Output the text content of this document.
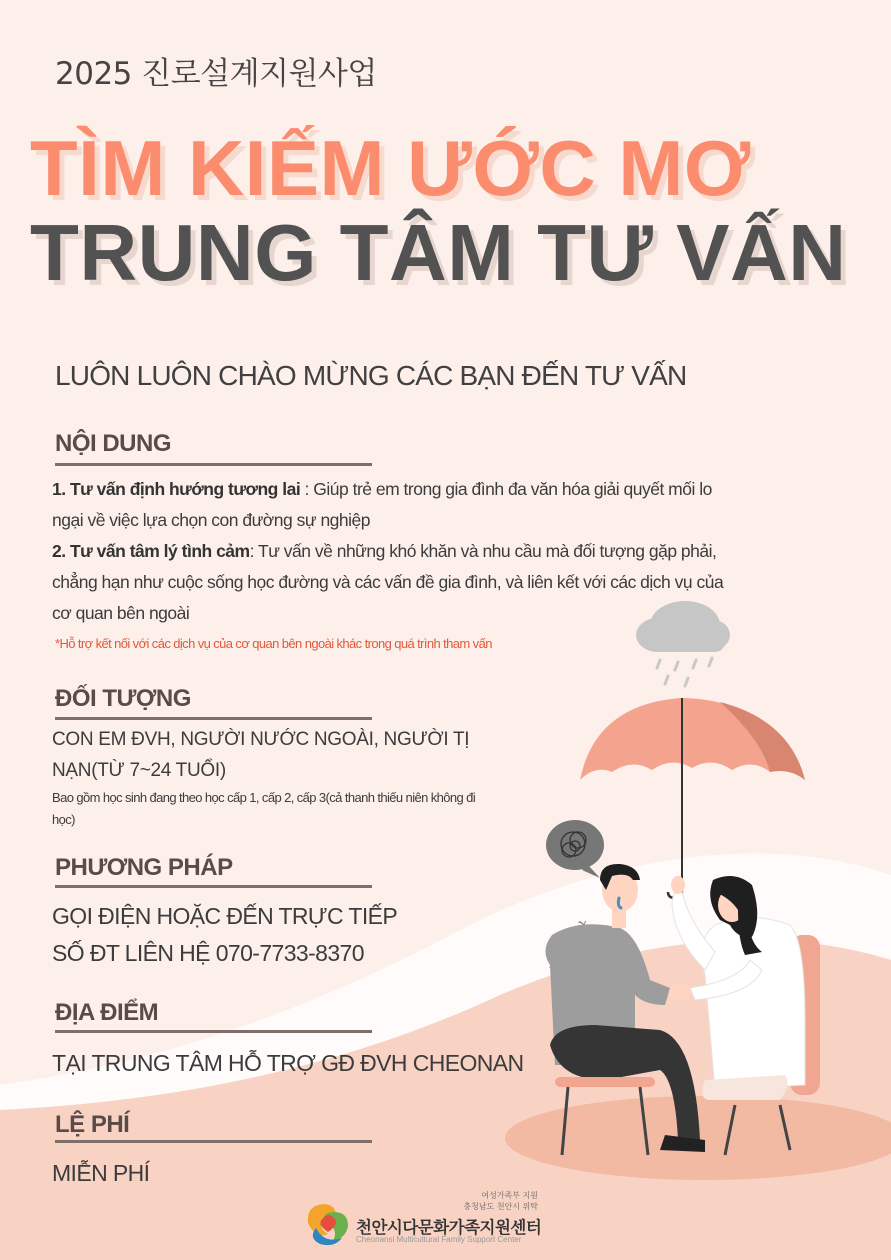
2025 진로설계지원사업
TÌM KIẾM ƯỚC MƠ
TRUNG TÂM TƯ VẤN
LUÔN LUÔN CHÀO MỪNG CÁC BẠN ĐẾN TƯ VẤN
NỘI DUNG
1. Tư vấn định hướng tương lai : Giúp trẻ em trong gia đình đa văn hóa giải quyết mối lo ngại về việc lựa chọn con đường sự nghiệp
2. Tư vấn tâm lý tình cảm: Tư vấn về những khó khăn và nhu cầu mà đối tượng gặp phải, chẳng hạn như cuộc sống học đường và các vấn đề gia đình, và liên kết với các dịch vụ của cơ quan bên ngoài
*Hỗ trợ kết nối với các dịch vụ của cơ quan bên ngoài khác trong quá trình tham vấn
ĐỐI TƯỢNG
CON EM ĐVH, NGƯỜI NƯỚC NGOÀI, NGƯỜI TỊ NẠN(TỪ 7~24 TUỔI)
Bao gồm học sinh đang theo học cấp 1, cấp 2, cấp 3(cả thanh thiếu niên không đi học)
PHƯƠNG PHÁP
GỌI ĐIỆN HOẶC ĐẾN TRỰC TIẾP
SỐ ĐT LIÊN HỆ 070-7733-8370
ĐỊA ĐIỂM
TẠI TRUNG TÂM HỖ TRỢ GĐ ĐVH CHEONAN
LỆ PHÍ
MIỄN PHÍ
여성가족부 지원
충청남도 천안시 위탁
천안시다문화가족지원센터
Cheonansi Multicultural Family Support Center
